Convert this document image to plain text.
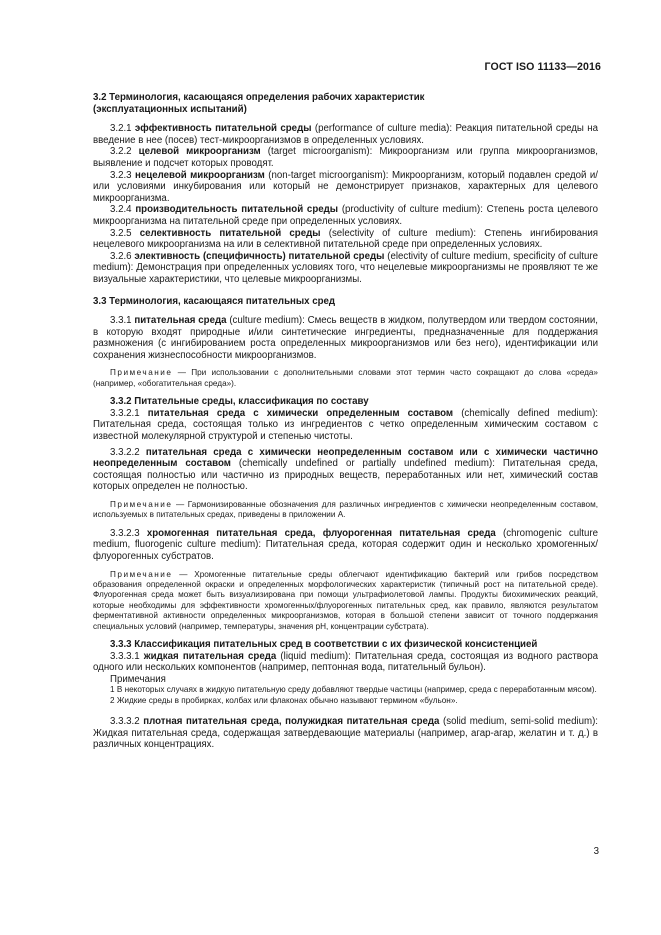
ГОСТ ISO 11133—2016

3.2 Терминология, касающаяся определения рабочих характеристик
(эксплуатационных испытаний)

3.2.1 эффективность питательной среды (performance of culture media): Реакция питательной среды на введение в нее (посев) тест-микроорганизмов в определенных условиях.

3.2.2 целевой микроорганизм (target microorganism): Микроорганизм или группа микроорганизмов, выявление и подсчет которых проводят.

3.2.3 нецелевой микроорганизм (non-target microorganism): Микроорганизм, который подавлен средой и/или условиями инкубирования или который не демонстрирует признаков, характерных для целевого микроорганизма.

3.2.4 производительность питательной среды (productivity of culture medium): Степень роста целевого микроорганизма на питательной среде при определенных условиях.

3.2.5 селективность питательной среды (selectivity of culture medium): Степень ингибирования нецелевого микроорганизма на или в селективной питательной среде при определенных условиях.

3.2.6 элективность (специфичность) питательной среды (electivity of culture medium, specificity of culture medium): Демонстрация при определенных условиях того, что нецелевые микроорганизмы не проявляют те же визуальные характеристики, что целевые микроорганизмы.

3.3 Терминология, касающаяся питательных сред

3.3.1 питательная среда (culture medium): Смесь веществ в жидком, полутвердом или твердом состоянии, в которую входят природные и/или синтетические ингредиенты, предназначенные для поддержания размножения (с ингибированием роста определенных микроорганизмов или без него), идентификации или сохранения жизнеспособности микроорганизмов.

Примечание — При использовании с дополнительными словами этот термин часто сокращают до слова «среда» (например, «обогатительная среда»).

3.3.2 Питательные среды, классификация по составу

3.3.2.1 питательная среда с химически определенным составом (chemically defined medium): Питательная среда, состоящая только из ингредиентов с четко определенным химическим составом с известной молекулярной структурой и степенью чистоты.

3.3.2.2 питательная среда с химически неопределенным составом или с химически частично неопределенным составом (chemically undefined or partially undefined medium): Питательная среда, состоящая полностью или частично из природных веществ, переработанных или нет, химический состав которых определен не полностью.

Примечание — Гармонизированные обозначения для различных ингредиентов с химически неопределенным составом, используемых в питательных средах, приведены в приложении А.

3.3.2.3 хромогенная питательная среда, флуорогенная питательная среда (chromogenic culture medium, fluorogenic culture medium): Питательная среда, которая содержит один и несколько хромогенных/флуорогенных субстратов.

Примечание — Хромогенные питательные среды облегчают идентификацию бактерий или грибов посредством образования определенной окраски и определенных морфологических характеристик (типичный рост на питательной среде). Флуорогенная среда может быть визуализирована при помощи ультрафиолетовой лампы. Продукты биохимических реакций, которые необходимы для эффективности хромогенных/флуорогенных питательных сред, как правило, являются результатом ферментативной активности определенных микроорганизмов, которая в большой степени зависит от точного поддержания специальных условий (например, температуры, значения pH, концентрации субстрата).

3.3.3 Классификация питательных сред в соответствии с их физической консистенцией

3.3.3.1 жидкая питательная среда (liquid medium): Питательная среда, состоящая из водного раствора одного или нескольких компонентов (например, пептонная вода, питательный бульон).

Примечания

1 В некоторых случаях в жидкую питательную среду добавляют твердые частицы (например, среда с переработанным мясом).

2 Жидкие среды в пробирках, колбах или флаконах обычно называют термином «бульон».

3.3.3.2 плотная питательная среда, полужидкая питательная среда (solid medium, semi-solid medium): Жидкая питательная среда, содержащая затвердевающие материалы (например, агар-агар, желатин и т. д.) в различных концентрациях.

3
